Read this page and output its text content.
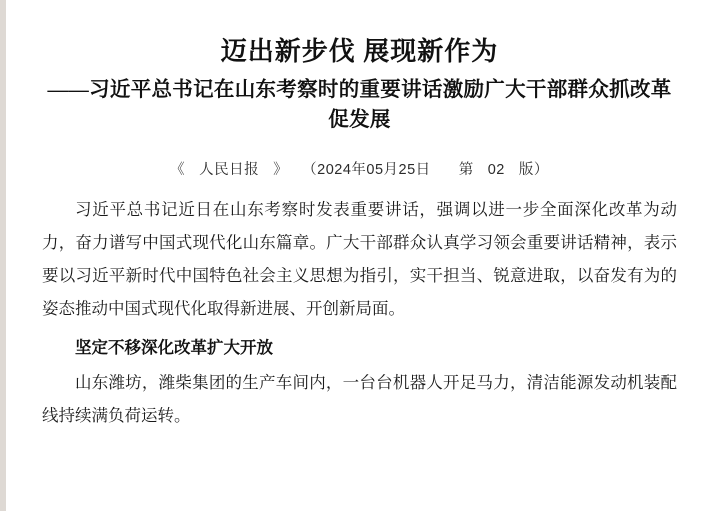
迈出新步伐 展现新作为
——习近平总书记在山东考察时的重要讲话激励广大干部群众抓改革促发展
《 人民日报 》 （2024年05月25日 第 02 版）

习近平总书记近日在山东考察时发表重要讲话，强调以进一步全面深化改革为动力，奋力谱写中国式现代化山东篇章。广大干部群众认真学习领会重要讲话精神，表示要以习近平新时代中国特色社会主义思想为指引，实干担当、锐意进取，以奋发有为的姿态推动中国式现代化取得新进展、开创新局面。

坚定不移深化改革扩大开放

山东潍坊，潍柴集团的生产车间内，一台台机器人开足马力，清洁能源发动机装配线持续满负荷运转。
